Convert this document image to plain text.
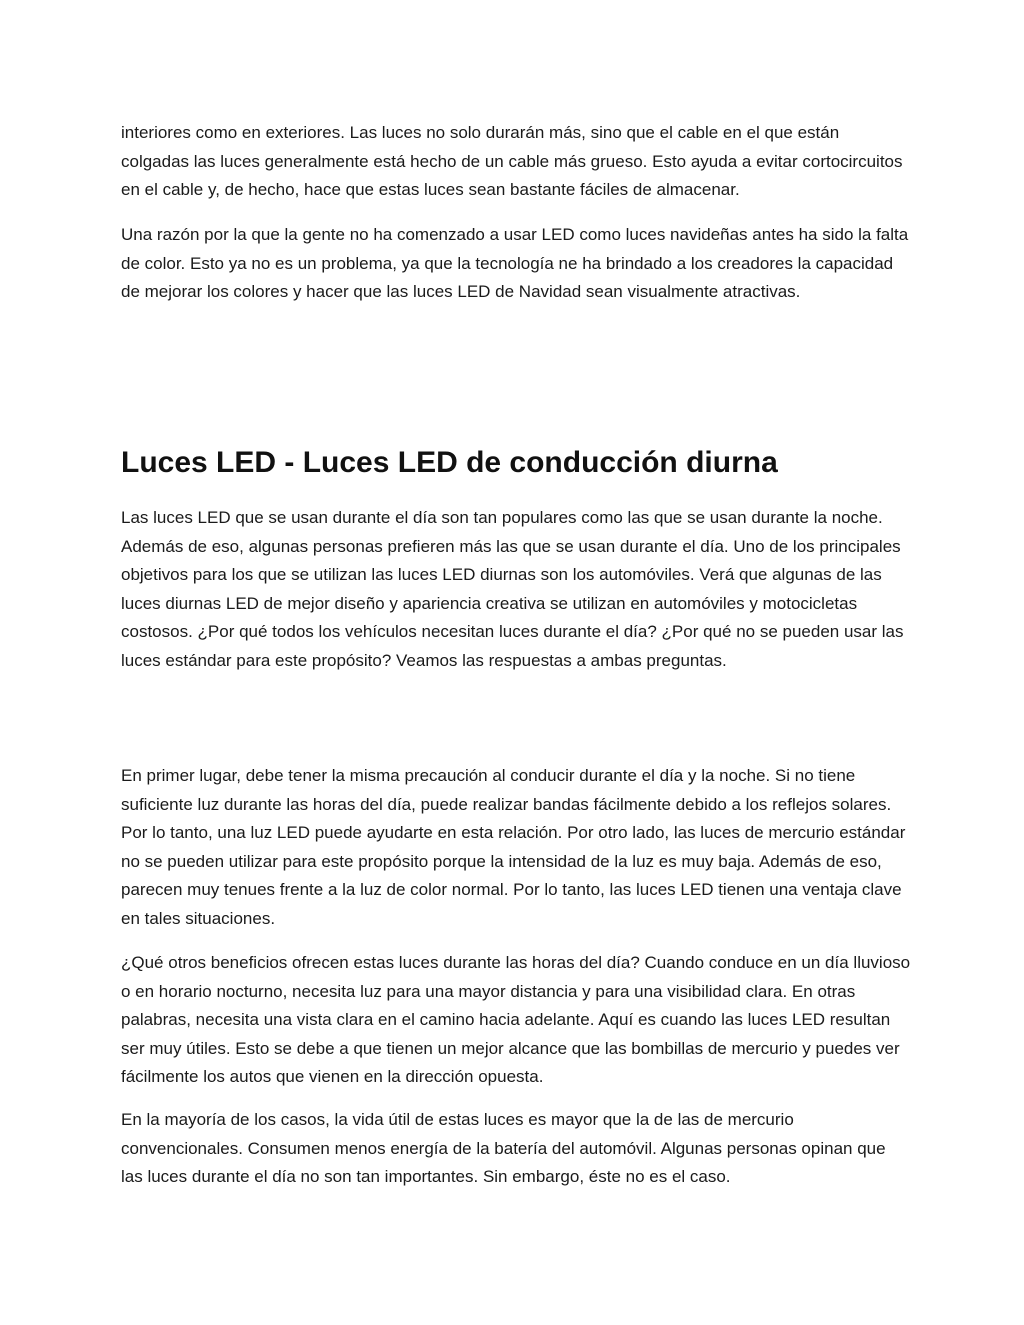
interiores como en exteriores. Las luces no solo durarán más, sino que el cable en el que están colgadas las luces generalmente está hecho de un cable más grueso. Esto ayuda a evitar cortocircuitos en el cable y, de hecho, hace que estas luces sean bastante fáciles de almacenar.

Una razón por la que la gente no ha comenzado a usar LED como luces navideñas antes ha sido la falta de color. Esto ya no es un problema, ya que la tecnología ne ha brindado a los creadores la capacidad de mejorar los colores y hacer que las luces LED de Navidad sean visualmente atractivas.

Luces LED - Luces LED de conducción diurna

Las luces LED que se usan durante el día son tan populares como las que se usan durante la noche. Además de eso, algunas personas prefieren más las que se usan durante el día. Uno de los principales objetivos para los que se utilizan las luces LED diurnas son los automóviles. Verá que algunas de las luces diurnas LED de mejor diseño y apariencia creativa se utilizan en automóviles y motocicletas costosos. ¿Por qué todos los vehículos necesitan luces durante el día? ¿Por qué no se pueden usar las luces estándar para este propósito? Veamos las respuestas a ambas preguntas.

En primer lugar, debe tener la misma precaución al conducir durante el día y la noche. Si no tiene suficiente luz durante las horas del día, puede realizar bandas fácilmente debido a los reflejos solares. Por lo tanto, una luz LED puede ayudarte en esta relación. Por otro lado, las luces de mercurio estándar no se pueden utilizar para este propósito porque la intensidad de la luz es muy baja. Además de eso, parecen muy tenues frente a la luz de color normal. Por lo tanto, las luces LED tienen una ventaja clave en tales situaciones.

¿Qué otros beneficios ofrecen estas luces durante las horas del día? Cuando conduce en un día lluvioso o en horario nocturno, necesita luz para una mayor distancia y para una visibilidad clara. En otras palabras, necesita una vista clara en el camino hacia adelante. Aquí es cuando las luces LED resultan ser muy útiles. Esto se debe a que tienen un mejor alcance que las bombillas de mercurio y puedes ver fácilmente los autos que vienen en la dirección opuesta.

En la mayoría de los casos, la vida útil de estas luces es mayor que la de las de mercurio convencionales. Consumen menos energía de la batería del automóvil. Algunas personas opinan que las luces durante el día no son tan importantes. Sin embargo, éste no es el caso.
